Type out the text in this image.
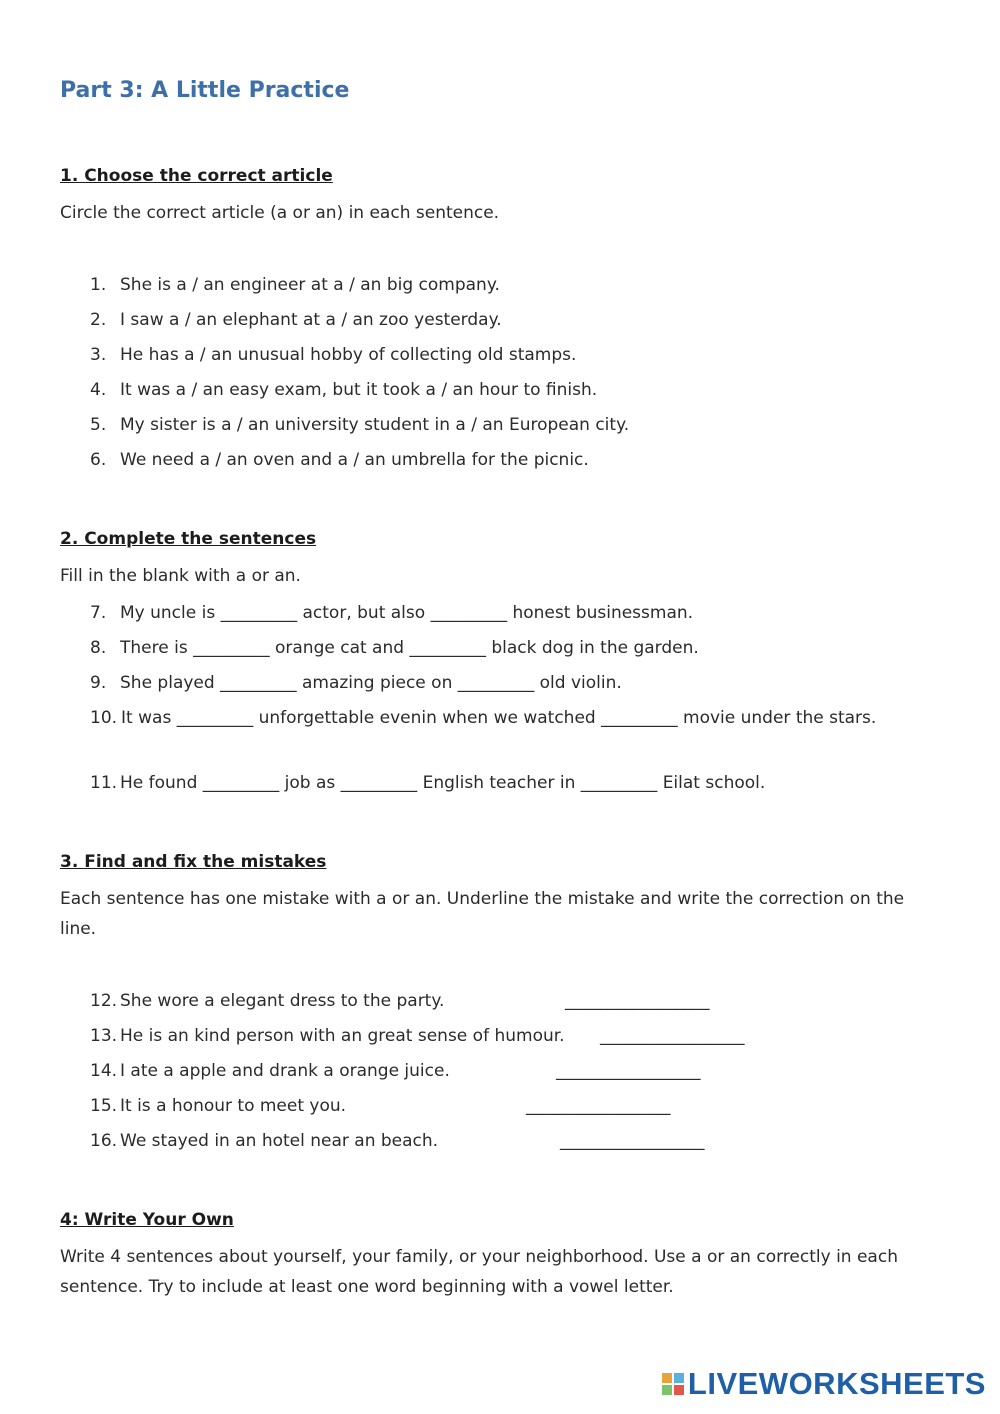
Part 3: A Little Practice
1. Choose the correct article
Circle the correct article (a or an) in each sentence.
1. She is a / an engineer at a / an big company.
2. I saw a / an elephant at a / an zoo yesterday.
3. He has a / an unusual hobby of collecting old stamps.
4. It was a / an easy exam, but it took a / an hour to finish.
5. My sister is a / an university student in a / an European city.
6. We need a / an oven and a / an umbrella for the picnic.
2. Complete the sentences
Fill in the blank with a or an.
7. My uncle is _________ actor, but also _________ honest businessman.
8. There is _________ orange cat and _________ black dog in the garden.
9. She played _________ amazing piece on _________ old violin.
10. It was _________ unforgettable evenin when we watched _________ movie under the stars.
11. He found _________ job as _________ English teacher in _________ Eilat school.
3. Find and fix the mistakes
Each sentence has one mistake with a or an. Underline the mistake and write the correction on the line.
12. She wore a elegant dress to the party.	_________________
13. He is an kind person with an great sense of humour.	_________________
14. I ate a apple and drank a orange juice.	_________________
15. It is a honour to meet you.	_________________
16. We stayed in an hotel near an beach.	_________________
4: Write Your Own
Write 4 sentences about yourself, your family, or your neighborhood. Use a or an correctly in each sentence. Try to include at least one word beginning with a vowel letter.
LIVEWORKSHEETS
